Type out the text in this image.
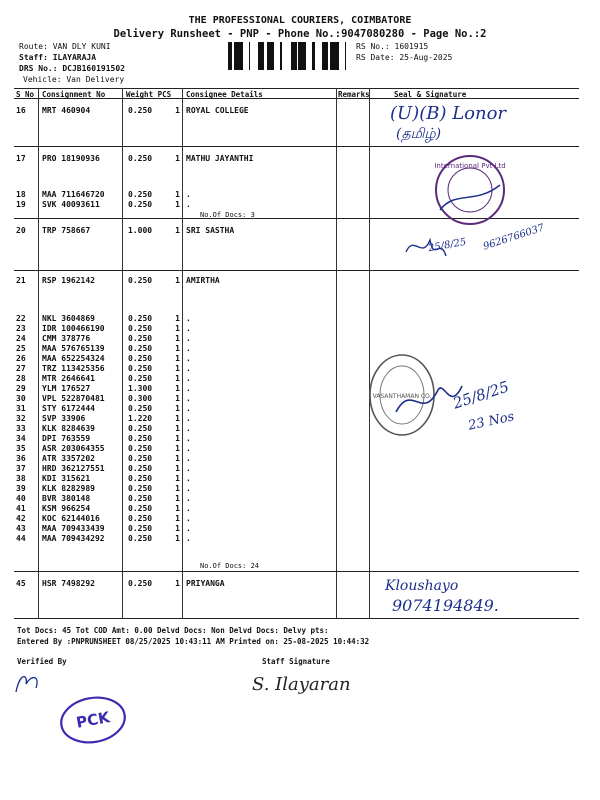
THE PROFESSIONAL COURIERS, COIMBATORE
Delivery Runsheet - PNP - Phone No.:9047080280 - Page No.:2
Route: VAN DLY KUNI
Staff: ILAYARAJA
DRS No.: DCJB160191502
Vehicle: Van Delivery
RS No.: 1601915
RS Date: 25-Aug-2025
S No Consignment No	Weight PCS Consignee Details	Remarks	Seal & Signature
No.Of Docs: 3
No.Of Docs: 24
16 MRT 460904	0.250	1 ROYAL COLLEGE
17 PRO 18190936	0.250	1 MATHU JAYANTHI
18 MAA 711646720	0.250	1 .
19 SVK 40093611	0.250	1 .
20 TRP 758667	1.000	1 SRI SASTHA
21 RSP 1962142	0.250	1 AMIRTHA
22 NKL 3604869	0.250	1 .
23 IDR 100466190	0.250	1 .
24 CMM 378776	0.250	1 .
25 MAA 576765139	0.250	1 .
26 MAA 652254324	0.250	1 .
27 TRZ 113425356	0.250	1 .
28 MTR 2646641	0.250	1 .
29 YLM 176527	1.300	1 .
30 VPL 522870481	0.300	1 .
31 STY 6172444	0.250	1 .
32 SVP 33906	1.220	1 .
33 KLK 8284639	0.250	1 .
34 DPI 763559	0.250	1 .
35 ASR 203064355	0.250	1 .
36 ATR 3357202	0.250	1 .
37 HRD 362127551	0.250	1 .
38 KDI 315621	0.250	1 .
39 KLK 8282989	0.250	1 .
40 BVR 380148	0.250	1 .
41 KSM 966254	0.250	1 .
42 KOC 62144016	0.250	1 .
43 MAA 709433439	0.250	1 .
44 MAA 709434292	0.250	1 .
45 HSR 7498292	0.250	1 PRIYANGA
(U)(B) Lonor
(தமிழ்)
International Pvt Ltd
25/8/25 9626766037
VASANTHAMAN CO. 25/8/25
23 Nos
Kloushayo
9074194849.
Tot Docs: 45 Tot COD Amt: 0.00 Delvd Docs: Non Delvd Docs: Delvy pts:
Entered By :PNPRUNSHEET 08/25/2025 10:43:11 AM Printed on: 25-08-2025 10:44:32
Verified By	Staff Signature
PCK
S. Ilayaran
